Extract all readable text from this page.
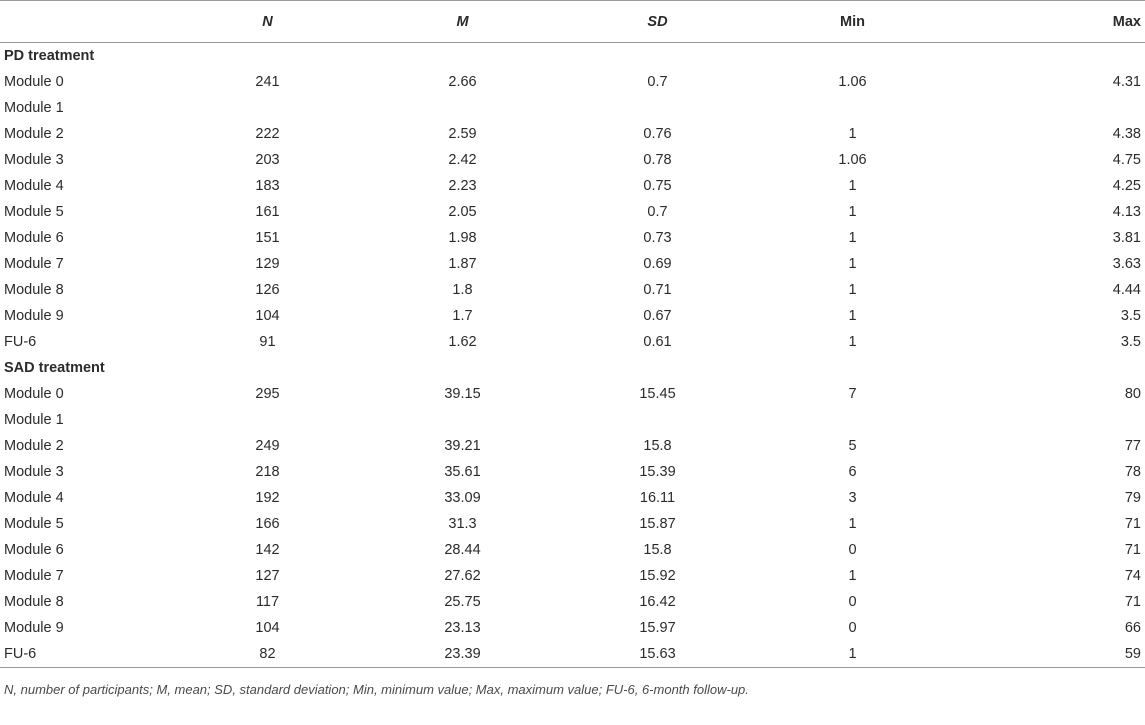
	N	M	SD	Min	Max
PD treatment					
Module 0	241	2.66	0.7	1.06	4.31
Module 1					
Module 2	222	2.59	0.76	1	4.38
Module 3	203	2.42	0.78	1.06	4.75
Module 4	183	2.23	0.75	1	4.25
Module 5	161	2.05	0.7	1	4.13
Module 6	151	1.98	0.73	1	3.81
Module 7	129	1.87	0.69	1	3.63
Module 8	126	1.8	0.71	1	4.44
Module 9	104	1.7	0.67	1	3.5
FU-6	91	1.62	0.61	1	3.5
SAD treatment					
Module 0	295	39.15	15.45	7	80
Module 1					
Module 2	249	39.21	15.8	5	77
Module 3	218	35.61	15.39	6	78
Module 4	192	33.09	16.11	3	79
Module 5	166	31.3	15.87	1	71
Module 6	142	28.44	15.8	0	71
Module 7	127	27.62	15.92	1	74
Module 8	117	25.75	16.42	0	71
Module 9	104	23.13	15.97	0	66
FU-6	82	23.39	15.63	1	59
N, number of participants; M, mean; SD, standard deviation; Min, minimum value; Max, maximum value; FU-6, 6-month follow-up.
